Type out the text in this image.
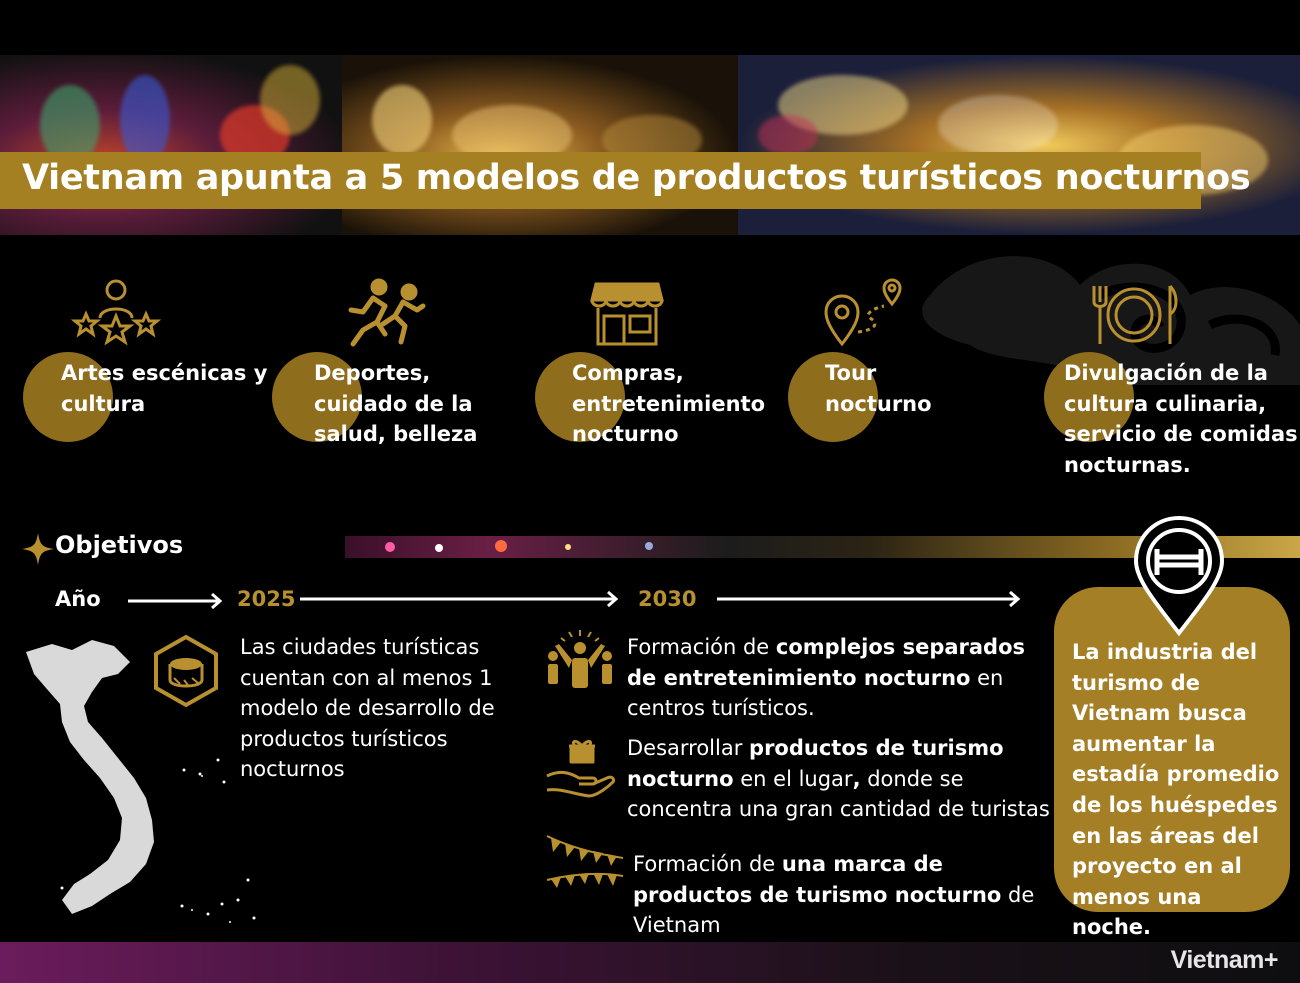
Vietnam apunta a 5 modelos de productos turísticos nocturnos
Artes escénicas y
cultura
Deportes,
cuidado de la
salud, belleza
Compras,
entretenimiento
nocturno
Tour
nocturno
Divulgación de la
cultura culinaria,
servicio de comidas
nocturnas.
Objetivos
Año	2025	2030
Las ciudades turísticas cuentan con al menos 1 modelo de desarrollo de productos turísticos nocturnos
Formación de complejos separados de entretenimiento nocturno en centros turísticos.
Desarrollar productos de turismo nocturno en el lugar, donde se concentra una gran cantidad de turistas
Formación de una marca de productos de turismo nocturno de Vietnam
La industria del turismo de Vietnam busca aumentar la estadía promedio de los huéspedes en las áreas del proyecto en al menos una noche.
Vietnam+
